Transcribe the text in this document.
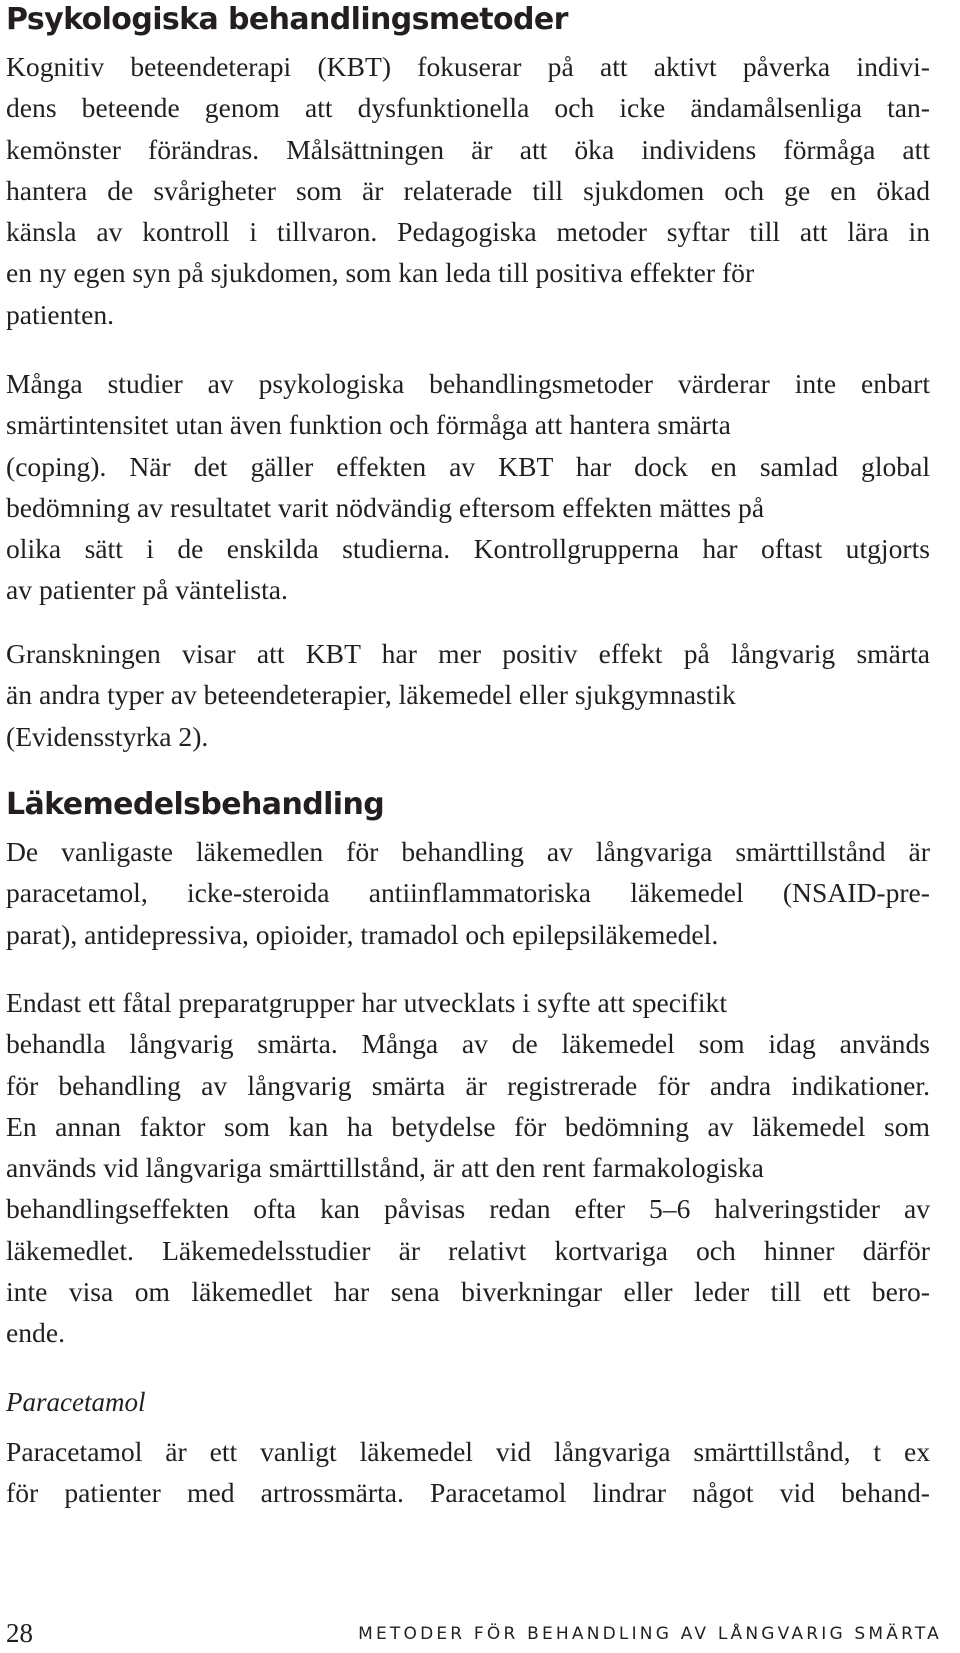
Psykologiska behandlingsmetoder

Kognitiv beteendeterapi (KBT) fokuserar på att aktivt påverka indivi-
dens beteende genom att dysfunktionella och icke ändamålsenliga tan-
kemönster förändras. Målsättningen är att öka individens förmåga att
hantera de svårigheter som är relaterade till sjukdomen och ge en ökad
känsla av kontroll i tillvaron. Pedagogiska metoder syftar till att lära in
en ny egen syn på sjukdomen, som kan leda till positiva effekter för
patienten.

Många studier av psykologiska behandlingsmetoder värderar inte enbart
smärtintensitet utan även funktion och förmåga att hantera smärta
(coping). När det gäller effekten av KBT har dock en samlad global
bedömning av resultatet varit nödvändig eftersom effekten mättes på
olika sätt i de enskilda studierna. Kontrollgrupperna har oftast utgjorts
av patienter på väntelista.

Granskningen visar att KBT har mer positiv effekt på långvarig smärta
än andra typer av beteendeterapier, läkemedel eller sjukgymnastik
(Evidensstyrka 2).

Läkemedelsbehandling

De vanligaste läkemedlen för behandling av långvariga smärttillstånd är
paracetamol, icke-steroida antiinflammatoriska läkemedel (NSAID-pre-
parat), antidepressiva, opioider, tramadol och epilepsiläkemedel.

Endast ett fåtal preparatgrupper har utvecklats i syfte att specifikt
behandla långvarig smärta. Många av de läkemedel som idag används
för behandling av långvarig smärta är registrerade för andra indikationer.
En annan faktor som kan ha betydelse för bedömning av läkemedel som
används vid långvariga smärttillstånd, är att den rent farmakologiska
behandlingseffekten ofta kan påvisas redan efter 5–6 halveringstider av
läkemedlet. Läkemedelsstudier är relativt kortvariga och hinner därför
inte visa om läkemedlet har sena biverkningar eller leder till ett bero-
ende.

Paracetamol

Paracetamol är ett vanligt läkemedel vid långvariga smärttillstånd, t ex
för patienter med artrossmärta. Paracetamol lindrar något vid behand-

28	METODER FÖR BEHANDLING AV LÅNGVARIG SMÄRTA
